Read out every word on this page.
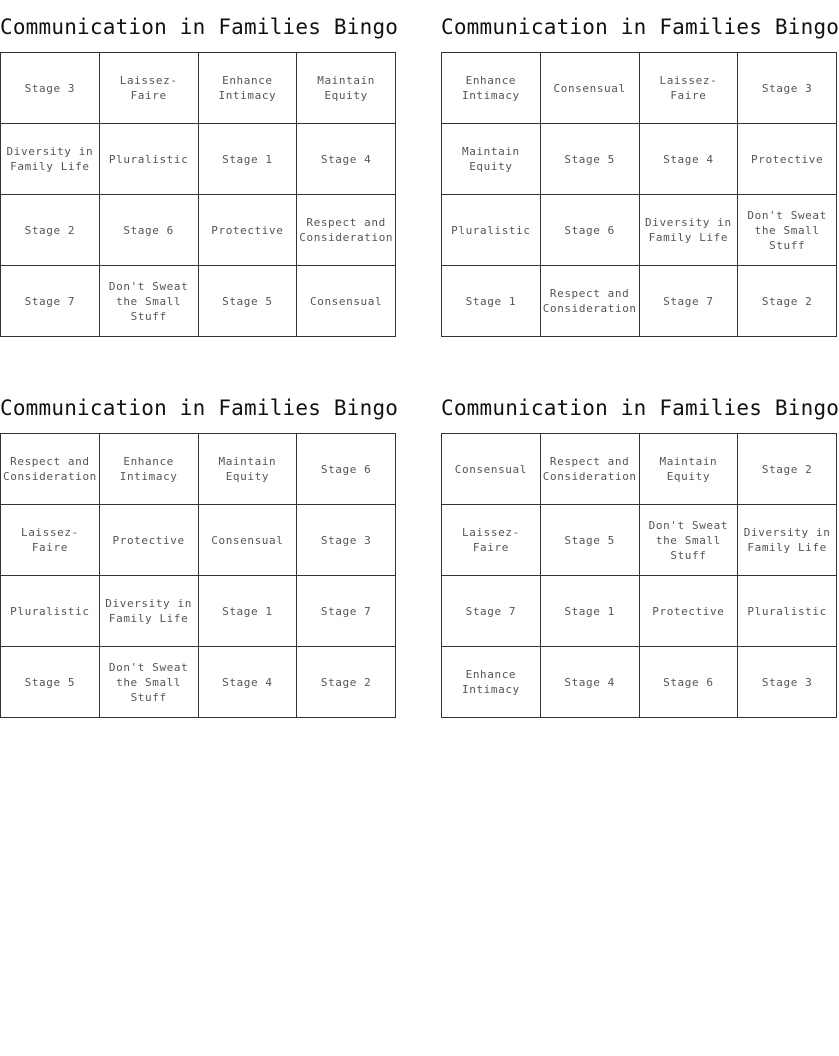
Communication in Families Bingo
Stage 3	Laissez-Faire	Enhance Intimacy	Maintain Equity
Diversity in Family Life	Pluralistic	Stage 1	Stage 4
Stage 2	Stage 6	Protective	Respect and Consideration
Stage 7	Don't Sweat the Small Stuff	Stage 5	Consensual
Communication in Families Bingo
Enhance Intimacy	Consensual	Laissez-Faire	Stage 3
Maintain Equity	Stage 5	Stage 4	Protective
Pluralistic	Stage 6	Diversity in Family Life	Don't Sweat the Small Stuff
Stage 1	Respect and Consideration	Stage 7	Stage 2
Communication in Families Bingo
Respect and Consideration	Enhance Intimacy	Maintain Equity	Stage 6
Laissez-Faire	Protective	Consensual	Stage 3
Pluralistic	Diversity in Family Life	Stage 1	Stage 7
Stage 5	Don't Sweat the Small Stuff	Stage 4	Stage 2
Communication in Families Bingo
Consensual	Respect and Consideration	Maintain Equity	Stage 2
Laissez-Faire	Stage 5	Don't Sweat the Small Stuff	Diversity in Family Life
Stage 7	Stage 1	Protective	Pluralistic
Enhance Intimacy	Stage 4	Stage 6	Stage 3
